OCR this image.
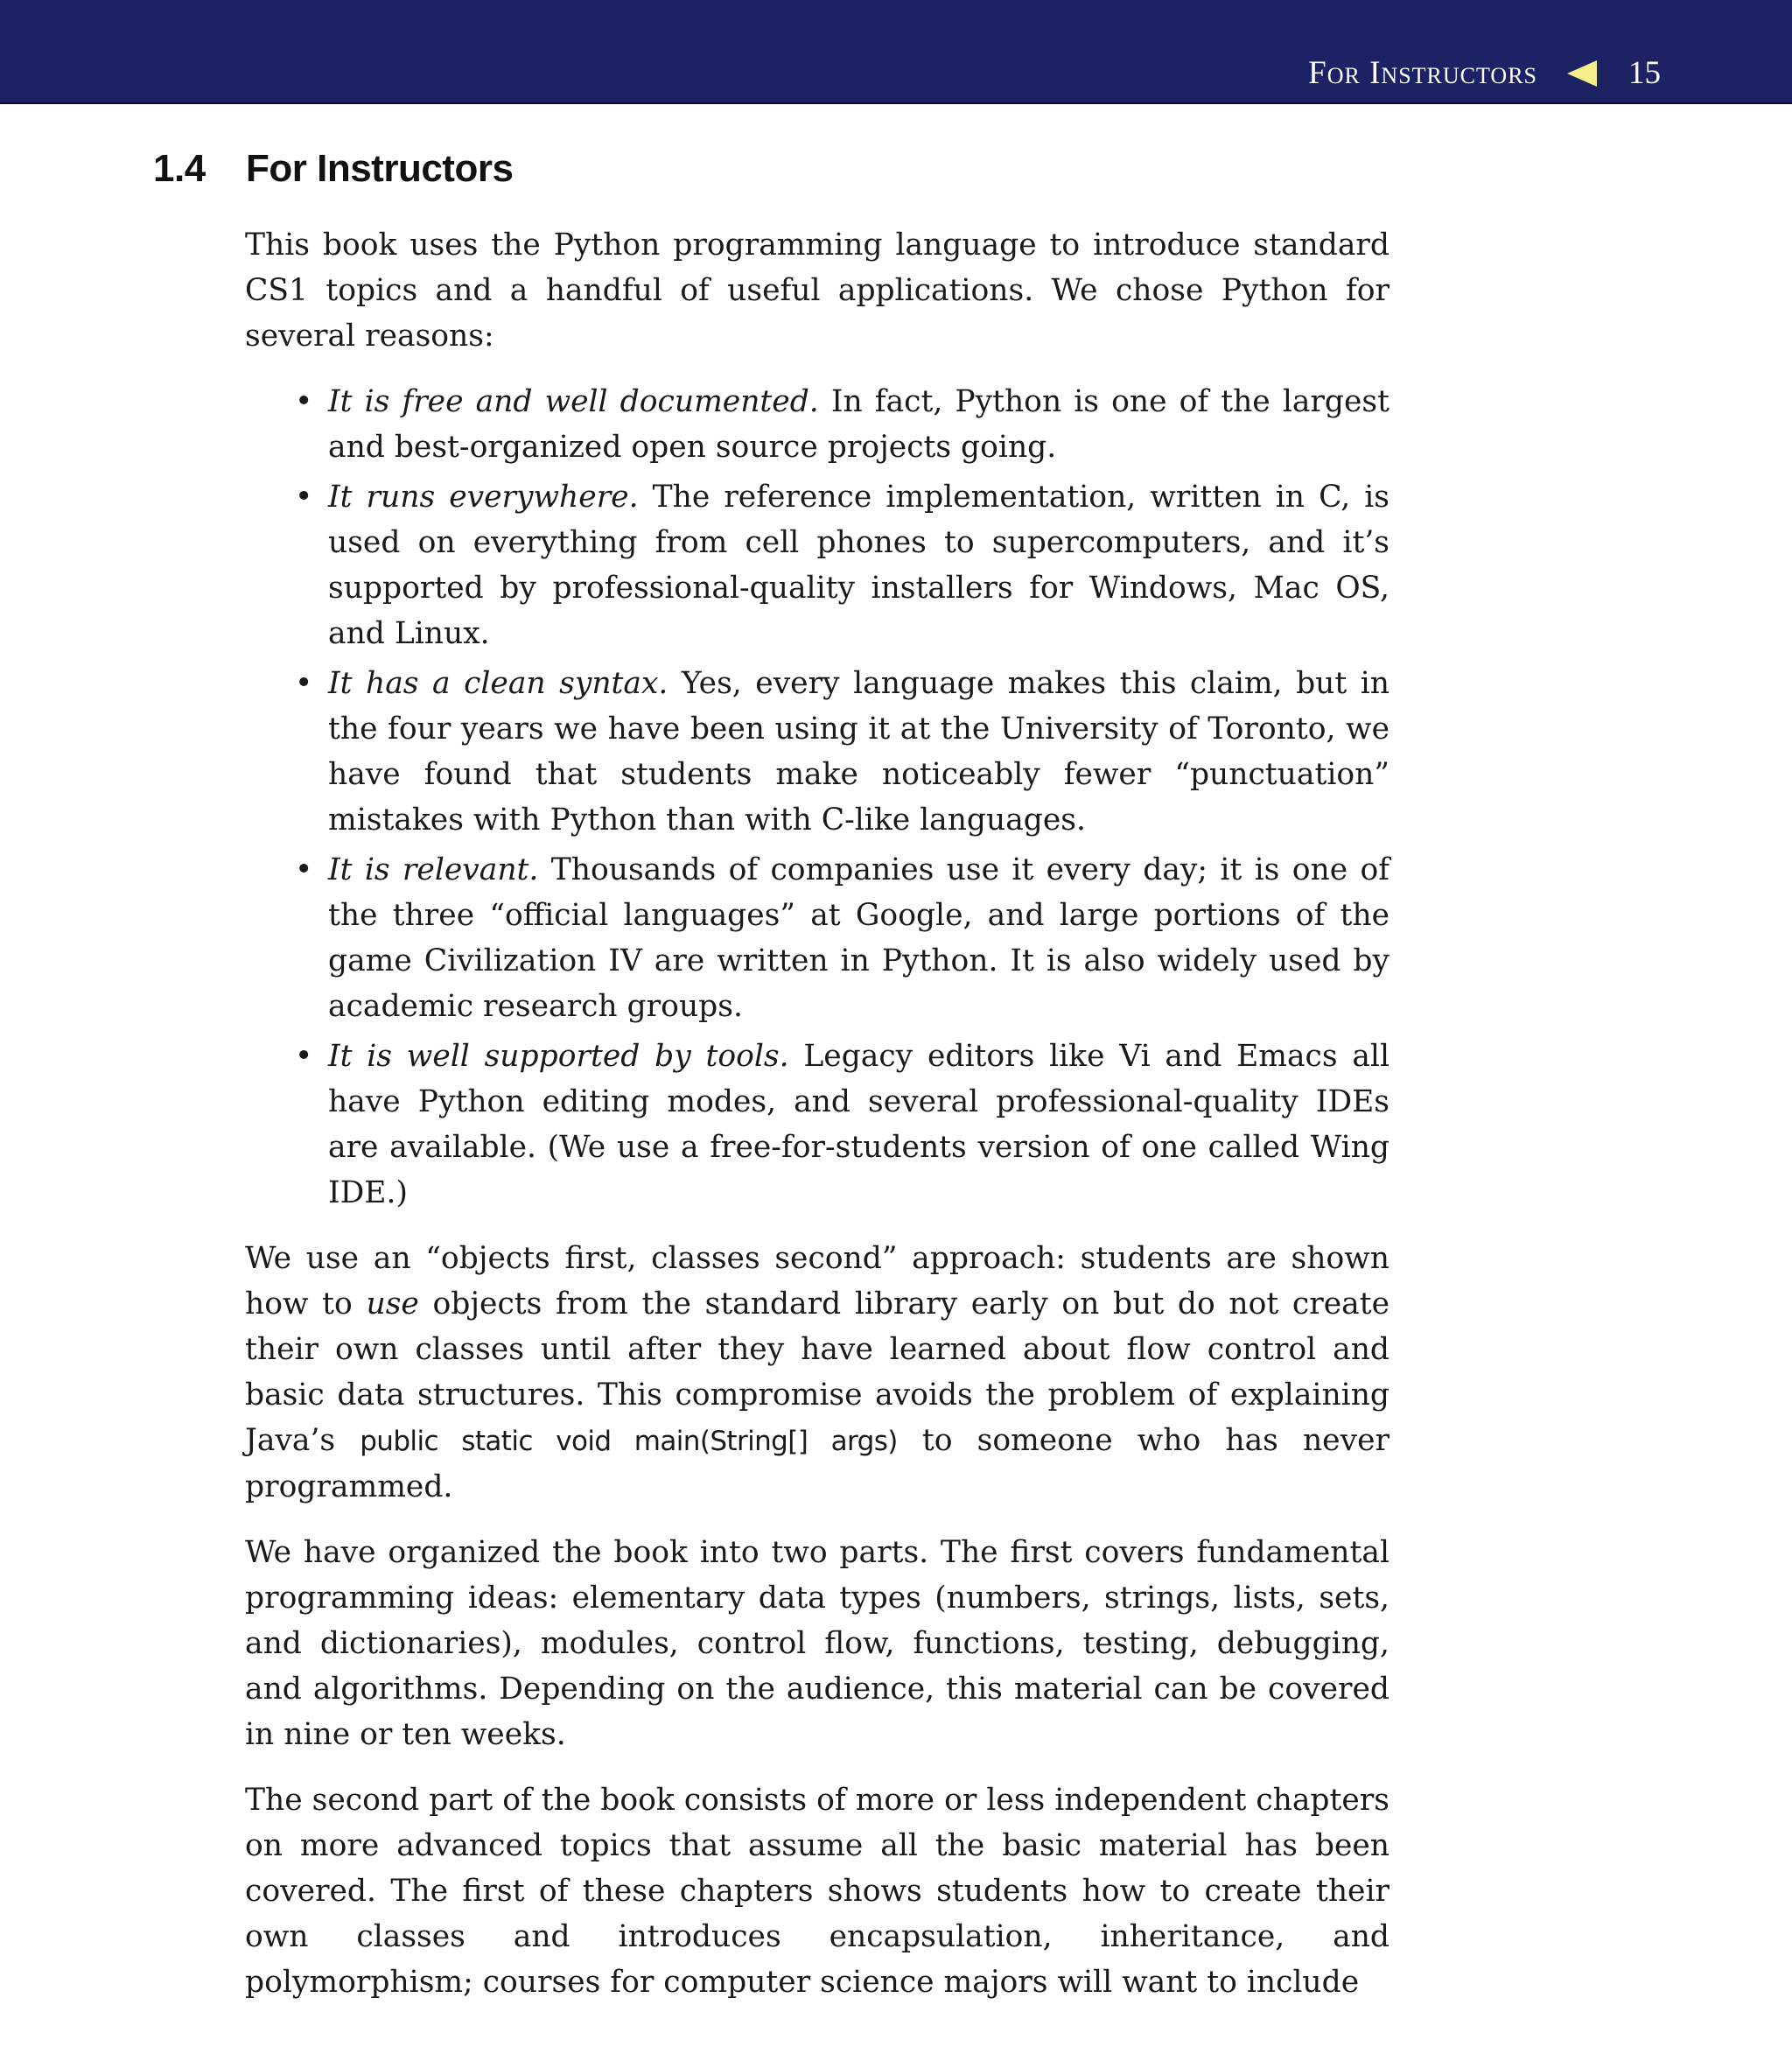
For Instructors	15
1.4 For Instructors

This book uses the Python programming language to introduce standard CS1 topics and a handful of useful applications. We chose Python for several reasons:

• It is free and well documented. In fact, Python is one of the largest and best-organized open source projects going.
• It runs everywhere. The reference implementation, written in C, is used on everything from cell phones to supercomputers, and it’s supported by professional-quality installers for Windows, Mac OS, and Linux.
• It has a clean syntax. Yes, every language makes this claim, but in the four years we have been using it at the University of Toronto, we have found that students make noticeably fewer “punctuation” mistakes with Python than with C-like languages.
• It is relevant. Thousands of companies use it every day; it is one of the three “official languages” at Google, and large portions of the game Civilization IV are written in Python. It is also widely used by academic research groups.
• It is well supported by tools. Legacy editors like Vi and Emacs all have Python editing modes, and several professional-quality IDEs are available. (We use a free-for-students version of one called Wing IDE.)

We use an “objects first, classes second” approach: students are shown how to use objects from the standard library early on but do not create their own classes until after they have learned about flow control and basic data structures. This compromise avoids the problem of explaining Java’s public static void main(String[] args) to someone who has never programmed.

We have organized the book into two parts. The first covers fundamental programming ideas: elementary data types (numbers, strings, lists, sets, and dictionaries), modules, control flow, functions, testing, debugging, and algorithms. Depending on the audience, this material can be covered in nine or ten weeks.

The second part of the book consists of more or less independent chapters on more advanced topics that assume all the basic material has been covered. The first of these chapters shows students how to create their own classes and introduces encapsulation, inheritance, and polymorphism; courses for computer science majors will want to include
